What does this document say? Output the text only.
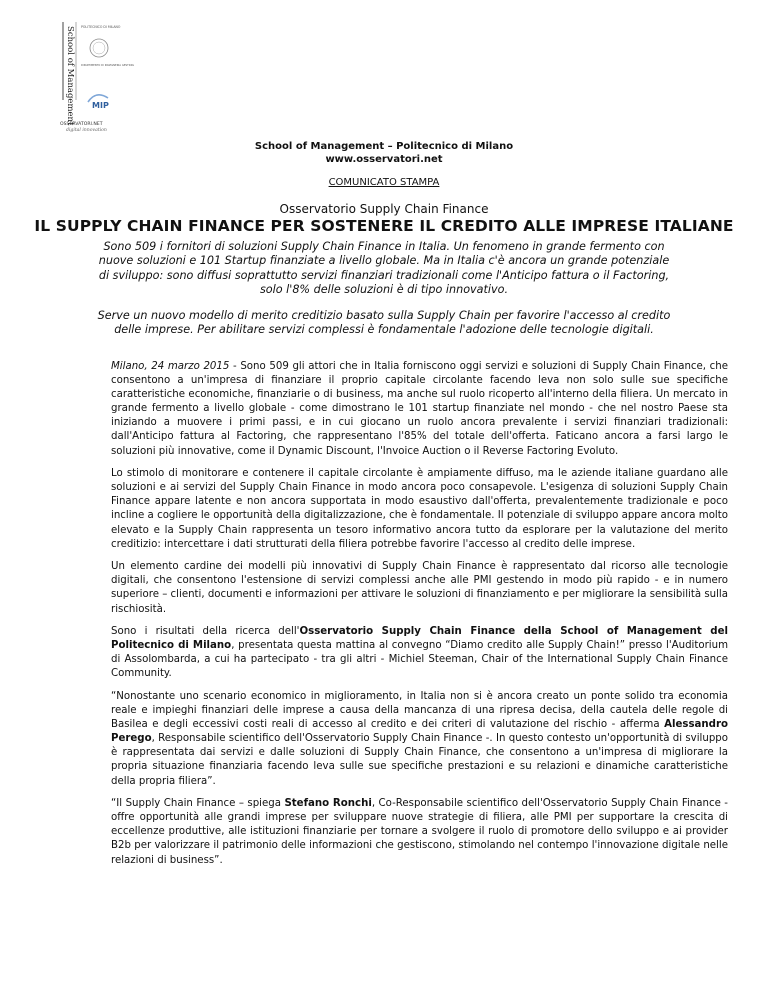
School of Management POLITECNICO DI MILANO
DIPARTIMENTO DI INGEGNERIA GESTIONALE
MIP
OSSERVATORI.NET
digital innovation
School of Management – Politecnico di Milano
www.osservatori.net
COMUNICATO STAMPA
Osservatorio Supply Chain Finance
IL SUPPLY CHAIN FINANCE PER SOSTENERE IL CREDITO ALLE IMPRESE ITALIANE
Sono 509 i fornitori di soluzioni Supply Chain Finance in Italia. Un fenomeno in grande fermento con nuove soluzioni e 101 Startup finanziate a livello globale. Ma in Italia c'è ancora un grande potenziale di sviluppo: sono diffusi soprattutto servizi finanziari tradizionali come l'Anticipo fattura o il Factoring, solo l'8% delle soluzioni è di tipo innovativo.
Serve un nuovo modello di merito creditizio basato sulla Supply Chain per favorire l'accesso al credito delle imprese. Per abilitare servizi complessi è fondamentale l'adozione delle tecnologie digitali.

Milano, 24 marzo 2015 - Sono 509 gli attori che in Italia forniscono oggi servizi e soluzioni di Supply Chain Finance, che consentono a un'impresa di finanziare il proprio capitale circolante facendo leva non solo sulle sue specifiche caratteristiche economiche, finanziarie o di business, ma anche sul ruolo ricoperto all'interno della filiera. Un mercato in grande fermento a livello globale - come dimostrano le 101 startup finanziate nel mondo - che nel nostro Paese sta iniziando a muovere i primi passi, e in cui giocano un ruolo ancora prevalente i servizi finanziari tradizionali: dall'Anticipo fattura al Factoring, che rappresentano l'85% del totale dell'offerta. Faticano ancora a farsi largo le soluzioni più innovative, come il Dynamic Discount, l'Invoice Auction o il Reverse Factoring Evoluto.

Lo stimolo di monitorare e contenere il capitale circolante è ampiamente diffuso, ma le aziende italiane guardano alle soluzioni e ai servizi del Supply Chain Finance in modo ancora poco consapevole. L'esigenza di soluzioni Supply Chain Finance appare latente e non ancora supportata in modo esaustivo dall'offerta, prevalentemente tradizionale e poco incline a cogliere le opportunità della digitalizzazione, che è fondamentale. Il potenziale di sviluppo appare ancora molto elevato e la Supply Chain rappresenta un tesoro informativo ancora tutto da esplorare per la valutazione del merito creditizio: intercettare i dati strutturati della filiera potrebbe favorire l'accesso al credito delle imprese.

Un elemento cardine dei modelli più innovativi di Supply Chain Finance è rappresentato dal ricorso alle tecnologie digitali, che consentono l'estensione di servizi complessi anche alle PMI gestendo in modo più rapido - e in numero superiore – clienti, documenti e informazioni per attivare le soluzioni di finanziamento e per migliorare la sensibilità sulla rischiosità.

Sono i risultati della ricerca dell'Osservatorio Supply Chain Finance della School of Management del Politecnico di Milano, presentata questa mattina al convegno “Diamo credito alle Supply Chain!” presso l'Auditorium di Assolombarda, a cui ha partecipato - tra gli altri - Michiel Steeman, Chair of the International Supply Chain Finance Community.

“Nonostante uno scenario economico in miglioramento, in Italia non si è ancora creato un ponte solido tra economia reale e impieghi finanziari delle imprese a causa della mancanza di una ripresa decisa, della cautela delle regole di Basilea e degli eccessivi costi reali di accesso al credito e dei criteri di valutazione del rischio - afferma Alessandro Perego, Responsabile scientifico dell'Osservatorio Supply Chain Finance -. In questo contesto un'opportunità di sviluppo è rappresentata dai servizi e dalle soluzioni di Supply Chain Finance, che consentono a un'impresa di migliorare la propria situazione finanziaria facendo leva sulle sue specifiche prestazioni e su relazioni e dinamiche caratteristiche della propria filiera”.

“Il Supply Chain Finance – spiega Stefano Ronchi, Co-Responsabile scientifico dell'Osservatorio Supply Chain Finance - offre opportunità alle grandi imprese per sviluppare nuove strategie di filiera, alle PMI per supportare la crescita di eccellenze produttive, alle istituzioni finanziarie per tornare a svolgere il ruolo di promotore dello sviluppo e ai provider B2b per valorizzare il patrimonio delle informazioni che gestiscono, stimolando nel contempo l'innovazione digitale nelle relazioni di business”.
